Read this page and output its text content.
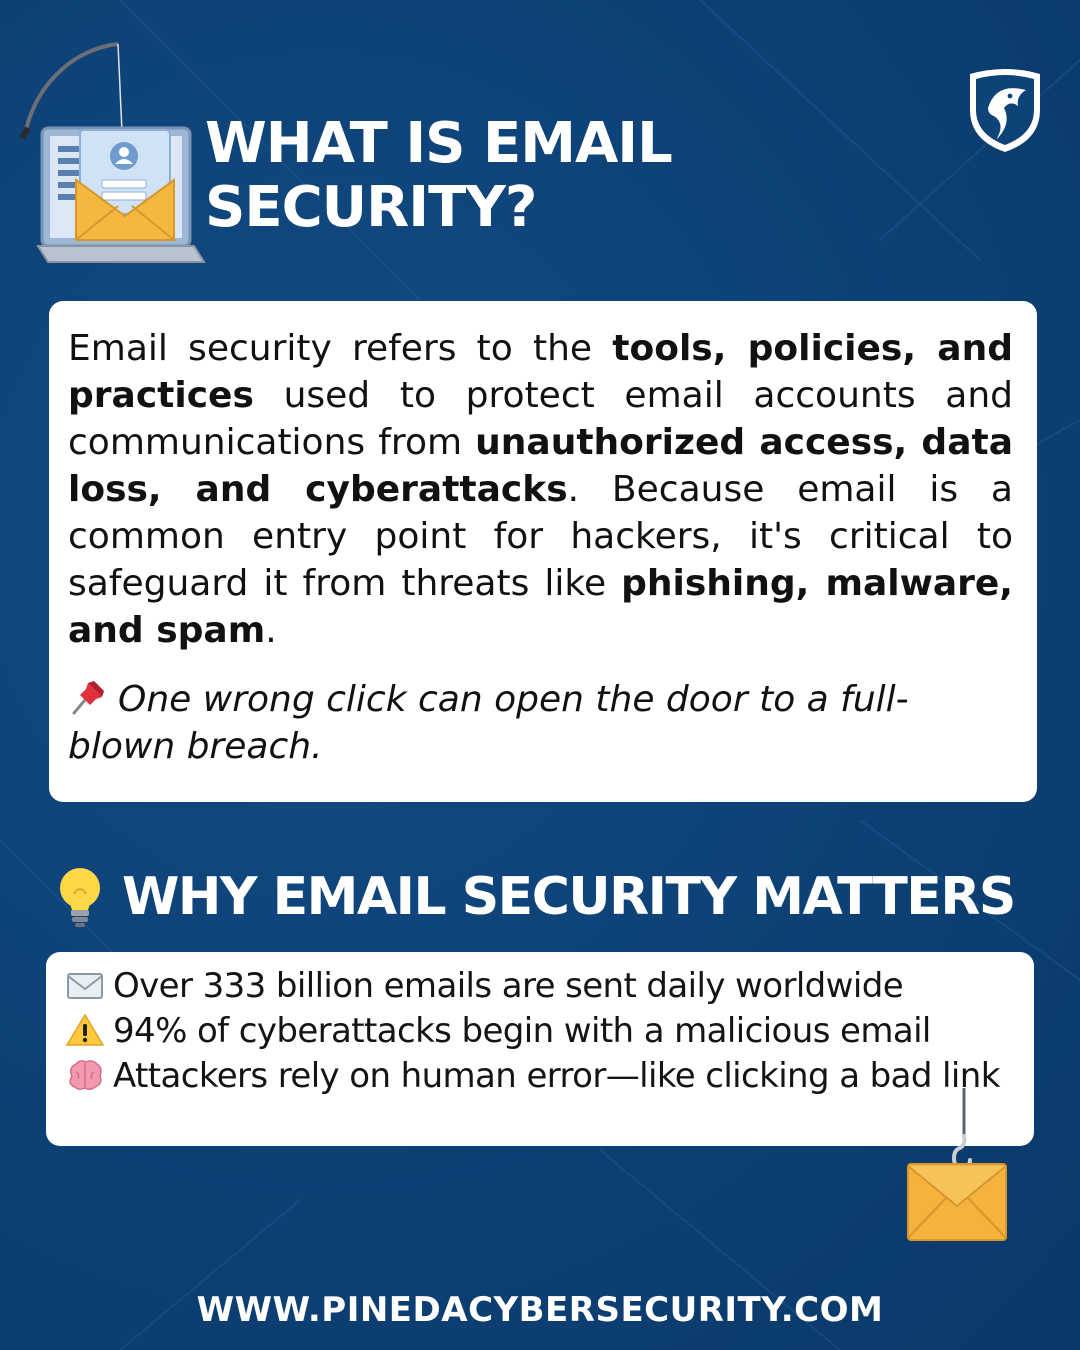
WHAT IS EMAIL
SECURITY?

Email security refers to the tools, policies, and practices used to protect email accounts and communications from unauthorized access, data loss, and cyberattacks. Because email is a common entry point for hackers, it's critical to safeguard it from threats like phishing, malware, and spam.

One wrong click can open the door to a full-blown breach.

WHY EMAIL SECURITY MATTERS
Over 333 billion emails are sent daily worldwide
94% of cyberattacks begin with a malicious email
Attackers rely on human error—like clicking a bad link
WWW.PINEDACYBERSECURITY.COM
